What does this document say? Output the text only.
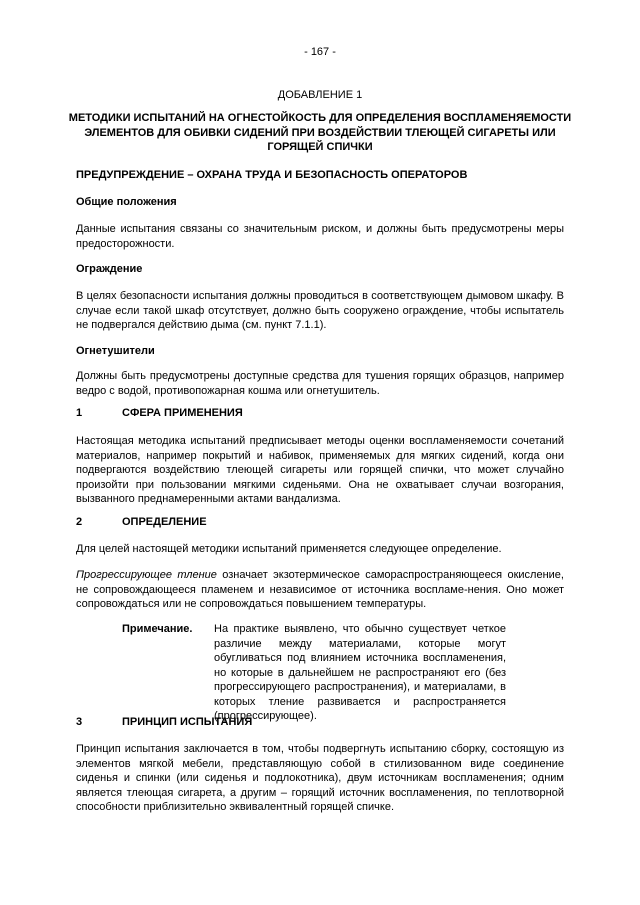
- 167 -
ДОБАВЛЕНИЕ 1
МЕТОДИКИ ИСПЫТАНИЙ НА ОГНЕСТОЙКОСТЬ ДЛЯ ОПРЕДЕЛЕНИЯ ВОСПЛАМЕНЯЕМОСТИ ЭЛЕМЕНТОВ ДЛЯ ОБИВКИ СИДЕНИЙ ПРИ ВОЗДЕЙСТВИИ ТЛЕЮЩЕЙ СИГАРЕТЫ ИЛИ ГОРЯЩЕЙ СПИЧКИ
ПРЕДУПРЕЖДЕНИЕ – ОХРАНА ТРУДА И БЕЗОПАСНОСТЬ ОПЕРАТОРОВ
Общие положения
Данные испытания связаны со значительным риском, и должны быть предусмотрены меры предосторожности.
Ограждение
В целях безопасности испытания должны проводиться в соответствующем дымовом шкафу. В случае если такой шкаф отсутствует, должно быть сооружено ограждение, чтобы испытатель не подвергался действию дыма (см. пункт 7.1.1).
Огнетушители
Должны быть предусмотрены доступные средства для тушения горящих образцов, например ведро с водой, противопожарная кошма или огнетушитель.
1	СФЕРА ПРИМЕНЕНИЯ
Настоящая методика испытаний предписывает методы оценки воспламеняемости сочетаний материалов, например покрытий и набивок, применяемых для мягких сидений, когда они подвергаются воздействию тлеющей сигареты или горящей спички, что может случайно произойти при пользовании мягкими сиденьями. Она не охватывает случаи возгорания, вызванного преднамеренными актами вандализма.
2	ОПРЕДЕЛЕНИЕ
Для целей настоящей методики испытаний применяется следующее определение.
Прогрессирующее тление означает экзотермическое самораспространяющееся окисление, не сопровождающееся пламенем и независимое от источника воспламе-нения. Оно может сопровождаться или не сопровождаться повышением температуры.
Примечание. На практике выявлено, что обычно существует четкое различие между материалами, которые могут обугливаться под влиянием источника воспламенения, но которые в дальнейшем не распространяют его (без прогрессирующего распространения), и материалами, в которых тление развивается и распространяется (прогрессирующее).
3	ПРИНЦИП ИСПЫТАНИЯ
Принцип испытания заключается в том, чтобы подвергнуть испытанию сборку, состоящую из элементов мягкой мебели, представляющую собой в стилизованном виде соединение сиденья и спинки (или сиденья и подлокотника), двум источникам воспламенения; одним является тлеющая сигарета, а другим – горящий источник воспламенения, по теплотворной способности приблизительно эквивалентный горящей спичке.
